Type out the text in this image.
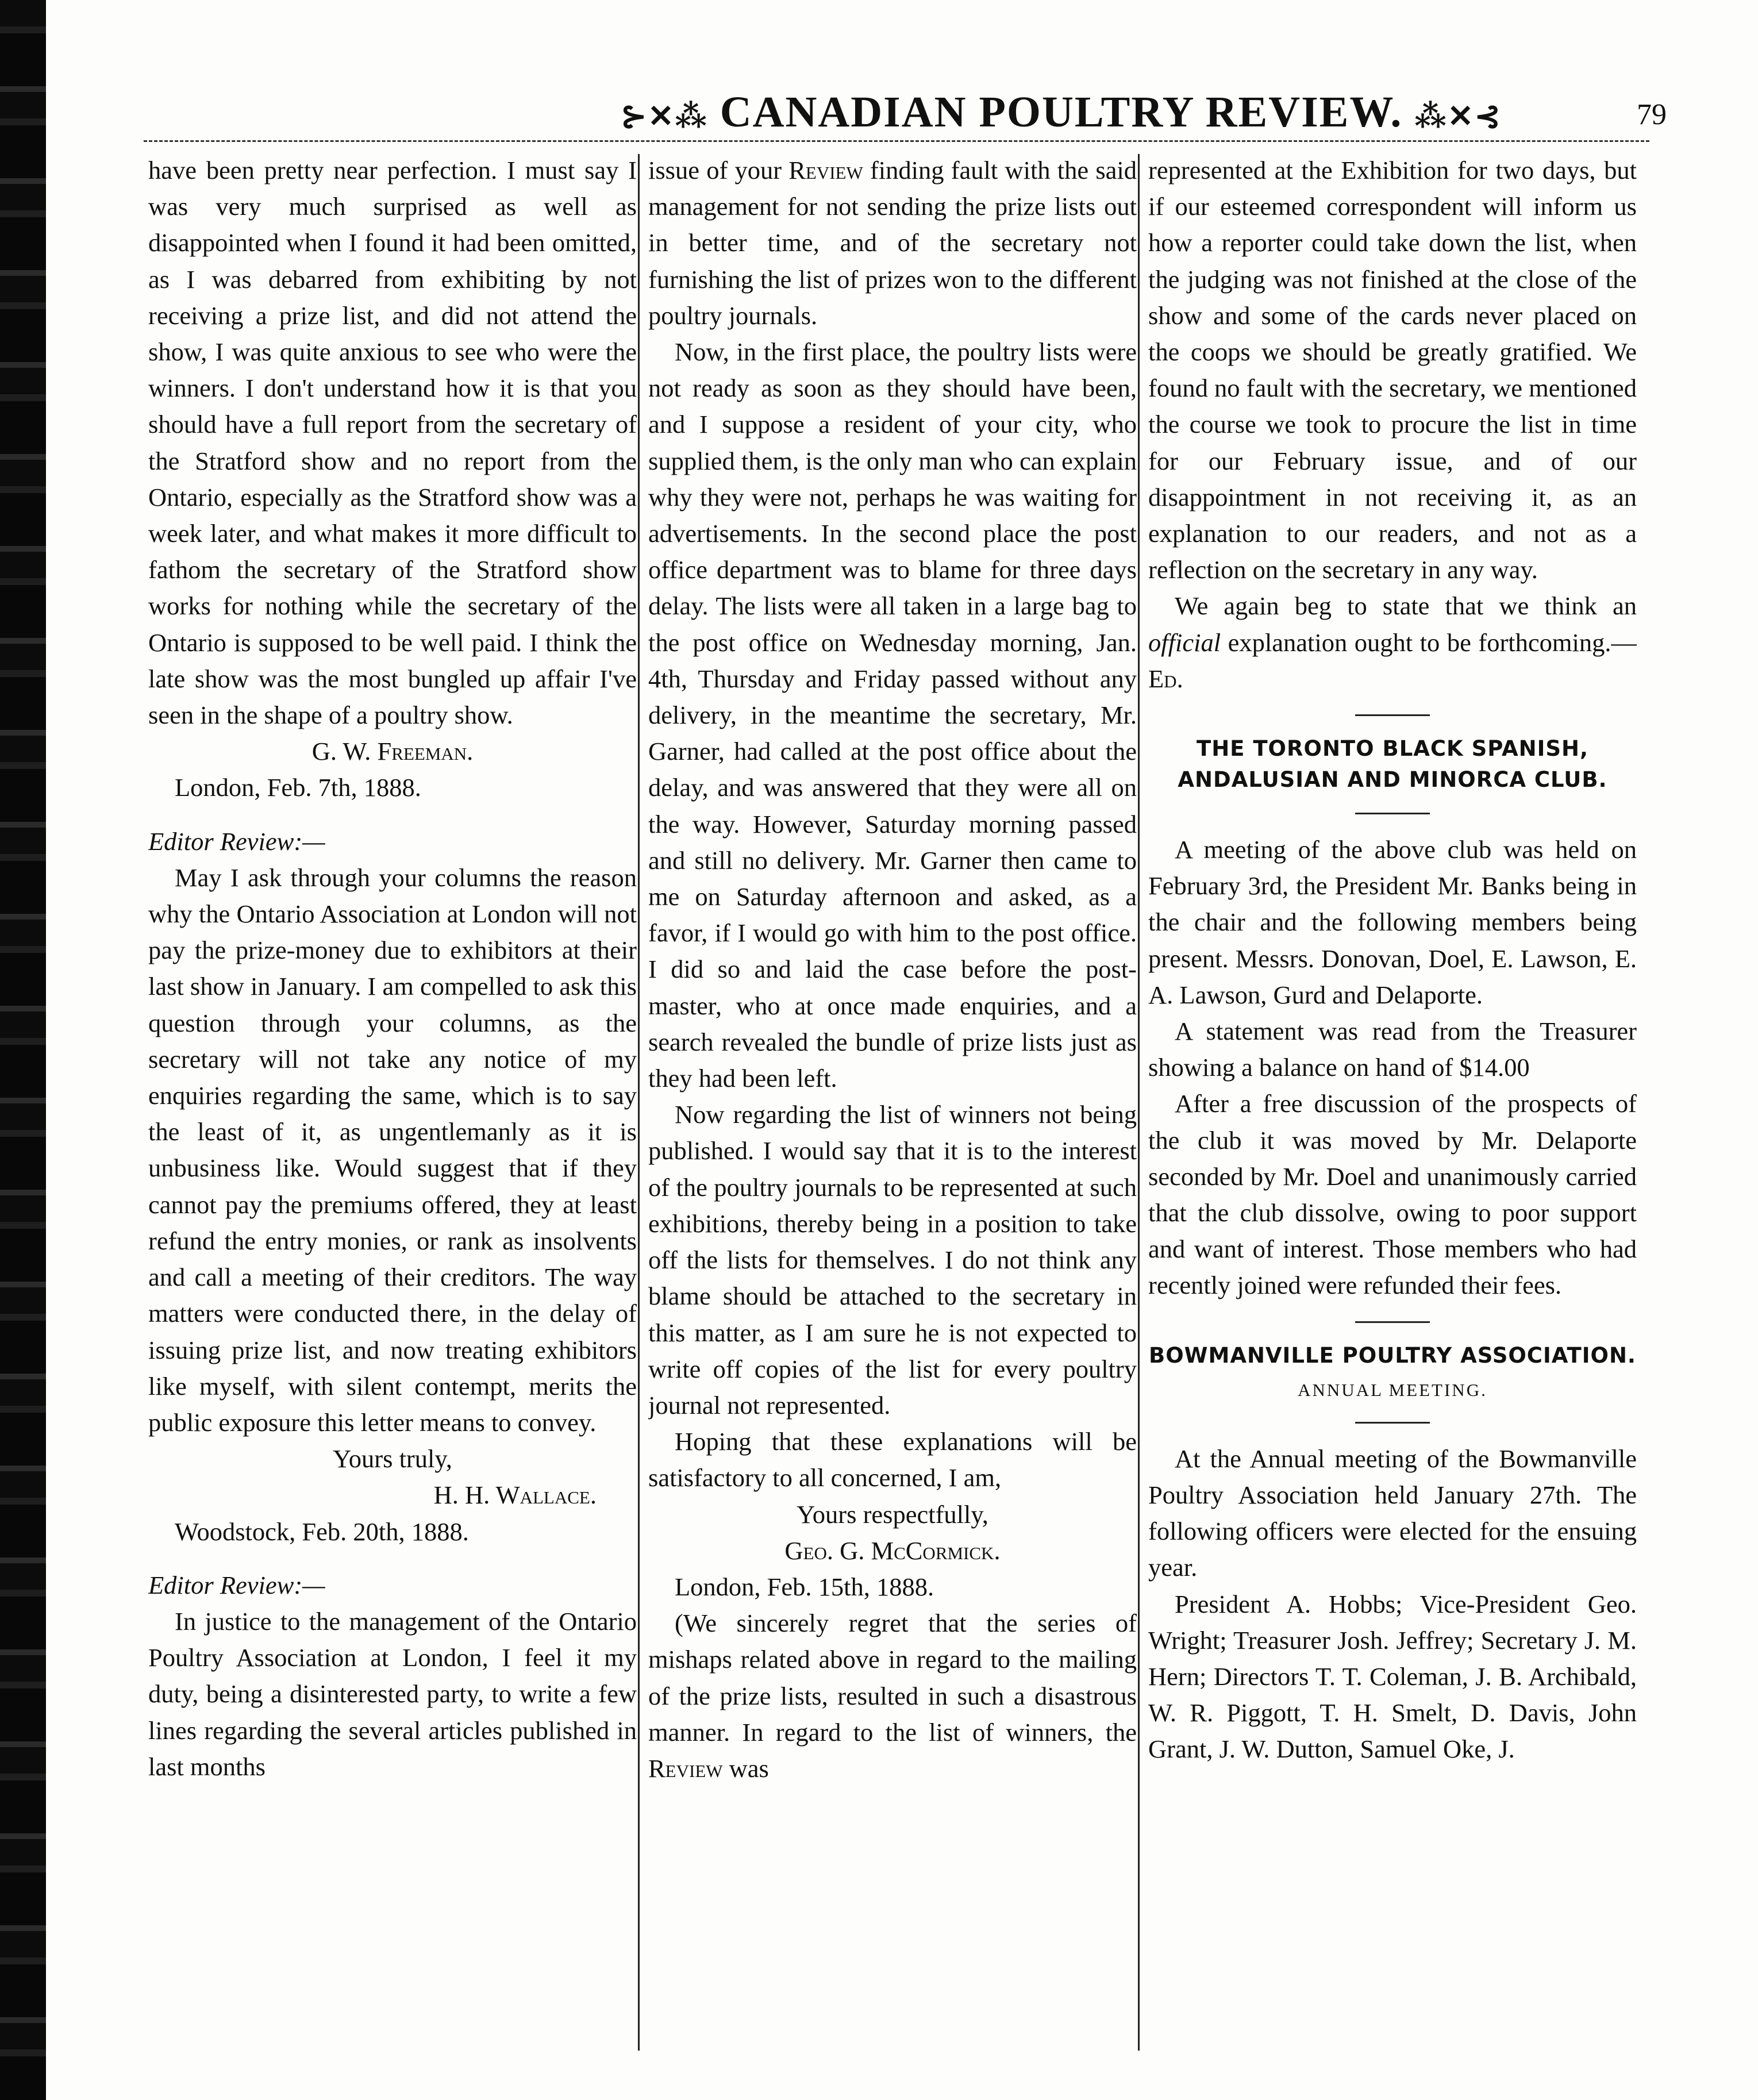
⊱✕⁂ CANADIAN POULTRY REVIEW. ⁂✕⊰	79

have been pretty near perfection. I must say I was very much surprised as well as disappointed when I found it had been omitted, as I was debarred from exhibiting by not receiving a prize list, and did not attend the show, I was quite anxious to see who were the winners. I don't understand how it is that you should have a full report from the secretary of the Stratford show and no report from the Ontario, especially as the Stratford show was a week later, and what makes it more difficult to fathom the secretary of the Stratford show works for nothing while the secretary of the Ontario is supposed to be well paid. I think the late show was the most bungled up affair I've seen in the shape of a poultry show.

G. W. Freeman.

London, Feb. 7th, 1888.

Editor Review:—

May I ask through your columns the reason why the Ontario Association at London will not pay the prize-money due to exhibitors at their last show in January. I am compelled to ask this question through your columns, as the secretary will not take any notice of my enquiries regarding the same, which is to say the least of it, as ungentlemanly as it is unbusiness like. Would suggest that if they cannot pay the premiums offered, they at least refund the entry monies, or rank as insolvents and call a meeting of their creditors. The way matters were conducted there, in the delay of issuing prize list, and now treating exhibitors like myself, with silent contempt, merits the public exposure this letter means to convey.

Yours truly,

H. H. Wallace.

Woodstock, Feb. 20th, 1888.

Editor Review:—

In justice to the management of the Ontario Poultry Association at London, I feel it my duty, being a disinterested party, to write a few lines regarding the several articles published in last months

issue of your Review finding fault with the said management for not sending the prize lists out in better time, and of the secretary not furnishing the list of prizes won to the different poultry journals.

Now, in the first place, the poultry lists were not ready as soon as they should have been, and I suppose a resident of your city, who supplied them, is the only man who can explain why they were not, perhaps he was waiting for advertisements. In the second place the post office department was to blame for three days delay. The lists were all taken in a large bag to the post office on Wednesday morning, Jan. 4th, Thursday and Friday passed without any delivery, in the meantime the secretary, Mr. Garner, had called at the post office about the delay, and was answered that they were all on the way. However, Saturday morning passed and still no delivery. Mr. Garner then came to me on Saturday afternoon and asked, as a favor, if I would go with him to the post office. I did so and laid the case before the post-master, who at once made enquiries, and a search revealed the bundle of prize lists just as they had been left.

Now regarding the list of winners not being published. I would say that it is to the interest of the poultry journals to be represented at such exhibitions, thereby being in a position to take off the lists for themselves. I do not think any blame should be attached to the secretary in this matter, as I am sure he is not expected to write off copies of the list for every poultry journal not represented.

Hoping that these explanations will be satisfactory to all concerned, I am,

Yours respectfully,

Geo. G. McCormick.

London, Feb. 15th, 1888.

(We sincerely regret that the series of mishaps related above in regard to the mailing of the prize lists, resulted in such a disastrous manner. In regard to the list of winners, the Review was

represented at the Exhibition for two days, but if our esteemed correspondent will inform us how a reporter could take down the list, when the judging was not finished at the close of the show and some of the cards never placed on the coops we should be greatly gratified. We found no fault with the secretary, we mentioned the course we took to procure the list in time for our February issue, and of our disappointment in not receiving it, as an explanation to our readers, and not as a reflection on the secretary in any way.

We again beg to state that we think an official explanation ought to be forthcoming.—Ed.

THE TORONTO BLACK SPANISH, ANDALUSIAN AND MINORCA CLUB.

A meeting of the above club was held on February 3rd, the President Mr. Banks being in the chair and the following members being present. Messrs. Donovan, Doel, E. Lawson, E. A. Lawson, Gurd and Delaporte.

A statement was read from the Treasurer showing a balance on hand of $14.00

After a free discussion of the prospects of the club it was moved by Mr. Delaporte seconded by Mr. Doel and unanimously carried that the club dissolve, owing to poor support and want of interest. Those members who had recently joined were refunded their fees.

BOWMANVILLE POULTRY ASSOCIATION.
ANNUAL MEETING.

At the Annual meeting of the Bowmanville Poultry Association held January 27th. The following officers were elected for the ensuing year.

President A. Hobbs; Vice-President Geo. Wright; Treasurer Josh. Jeffrey; Secretary J. M. Hern; Directors T. T. Coleman, J. B. Archibald, W. R. Piggott, T. H. Smelt, D. Davis, John Grant, J. W. Dutton, Samuel Oke, J.
